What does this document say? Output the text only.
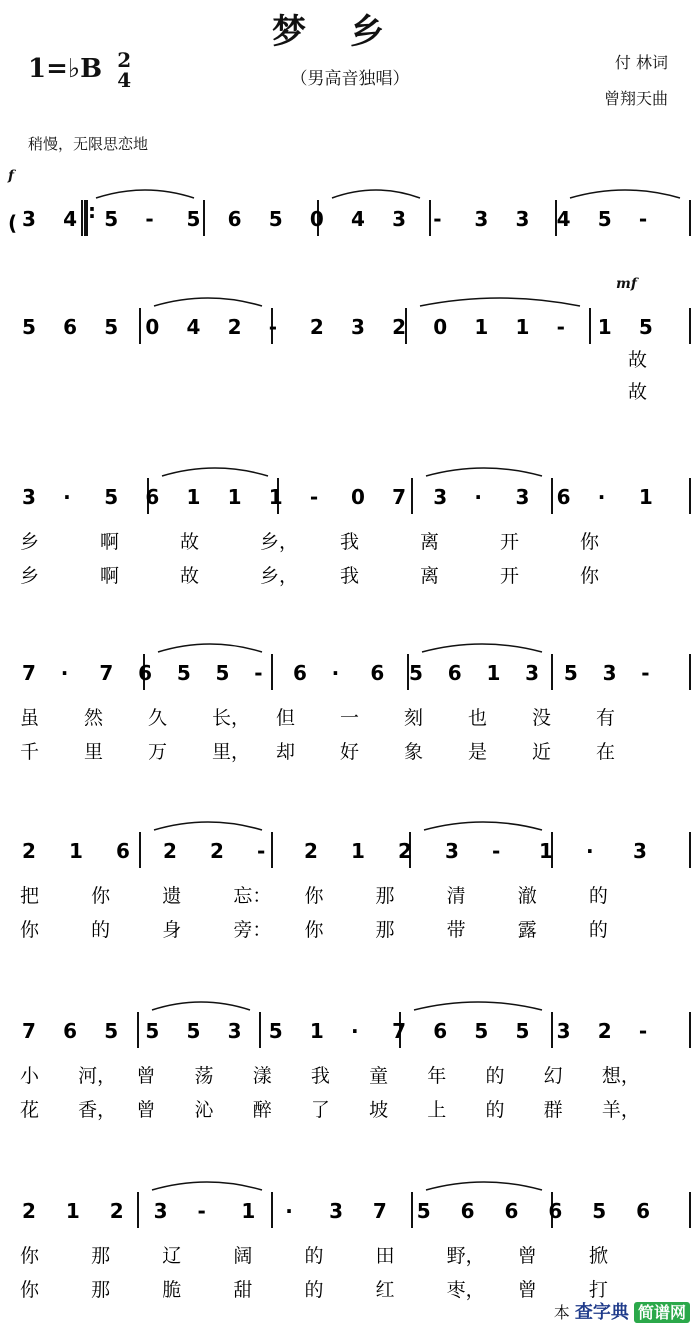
梦乡
1=♭B 2
4	（男高音独唱）
付 林词
曾翔天曲
稍慢，无限思恋地
f
mf
:
( 3 4 5 - 5 6 5 0 4 3 - 3 3 4 5 -
5 6 5 0 4 2 - 2 3 2 0 1 1 - 1 5
故
故
3 · 5 6 1 1 1 - 0 7 3 · 3 6 · 1
乡	啊	故	乡， 我	离	开	你
乡	啊	故	乡， 我	离	开	你
7 · 7 6 5 5 - 6 · 6 5 6 1 3 5 3 -
虽 然 久 长， 但 一 刻 也 没 有
千 里 万 里， 却 好 象 是 近 在
2 1 6 2 2 - 2 1 2 3 - 1 · 3
把	你	遗	忘： 你	那	清	澈	的
你	的	身	旁： 你	那	带	露	的
7 6 5 5 5 3 5 1 · 7 6 5 5 3 2 -
小 河， 曾 荡 漾 我 童 年 的 幻 想，
花 香， 曾 沁 醉 了 坡 上 的 群 羊，
2 1 2 3 - 1 · 3 7 5 6 6 6 5 6
你	那	辽	阔	的	田	野， 曾	掀
你	那	脆	甜	的	红	枣， 曾	打
本 查字典 简谱网
